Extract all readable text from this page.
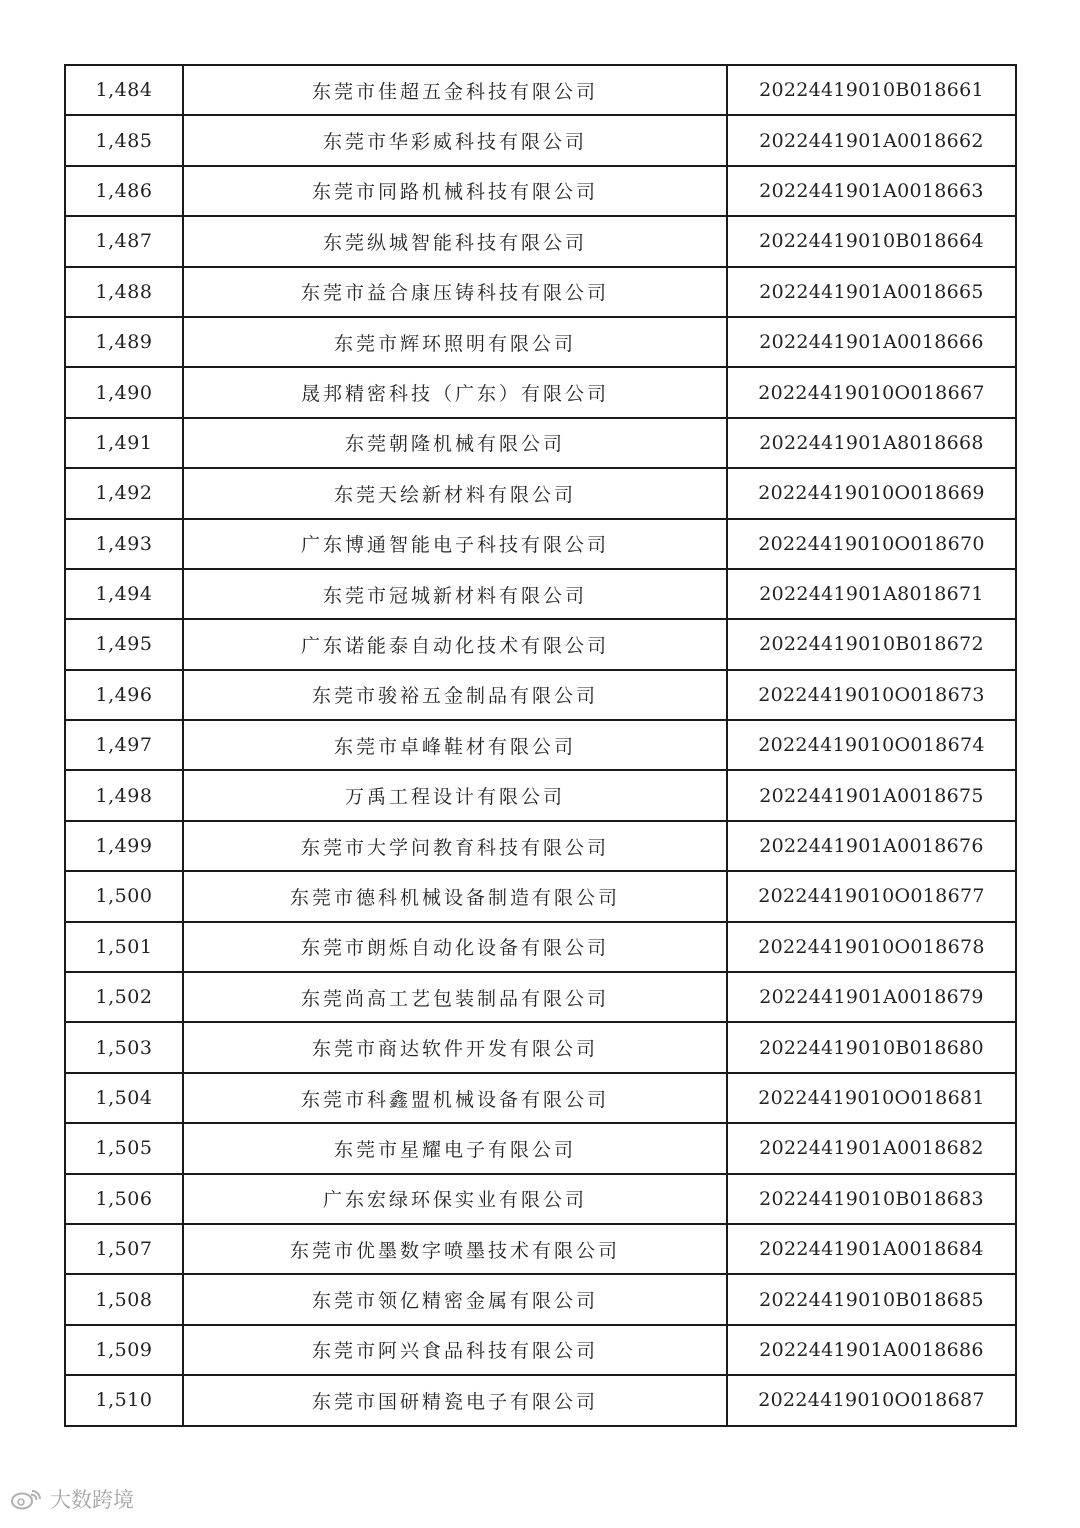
1,484	东莞市佳超五金科技有限公司	20224419010B018661
1,485	东莞市华彩威科技有限公司	2022441901A0018662
1,486	东莞市同路机械科技有限公司	2022441901A0018663
1,487	东莞纵城智能科技有限公司	20224419010B018664
1,488	东莞市益合康压铸科技有限公司	2022441901A0018665
1,489	东莞市辉环照明有限公司	2022441901A0018666
1,490	晟邦精密科技（广东）有限公司	20224419010O018667
1,491	东莞朝隆机械有限公司	2022441901A8018668
1,492	东莞天绘新材料有限公司	20224419010O018669
1,493	广东博通智能电子科技有限公司	20224419010O018670
1,494	东莞市冠城新材料有限公司	2022441901A8018671
1,495	广东诺能泰自动化技术有限公司	20224419010B018672
1,496	东莞市骏裕五金制品有限公司	20224419010O018673
1,497	东莞市卓峰鞋材有限公司	20224419010O018674
1,498	万禹工程设计有限公司	2022441901A0018675
1,499	东莞市大学问教育科技有限公司	2022441901A0018676
1,500	东莞市德科机械设备制造有限公司	20224419010O018677
1,501	东莞市朗烁自动化设备有限公司	20224419010O018678
1,502	东莞尚高工艺包装制品有限公司	2022441901A0018679
1,503	东莞市商达软件开发有限公司	20224419010B018680
1,504	东莞市科鑫盟机械设备有限公司	20224419010O018681
1,505	东莞市星耀电子有限公司	2022441901A0018682
1,506	广东宏绿环保实业有限公司	20224419010B018683
1,507	东莞市优墨数字喷墨技术有限公司	2022441901A0018684
1,508	东莞市领亿精密金属有限公司	20224419010B018685
1,509	东莞市阿兴食品科技有限公司	2022441901A0018686
1,510	东莞市国研精瓷电子有限公司	20224419010O018687
大数跨境
